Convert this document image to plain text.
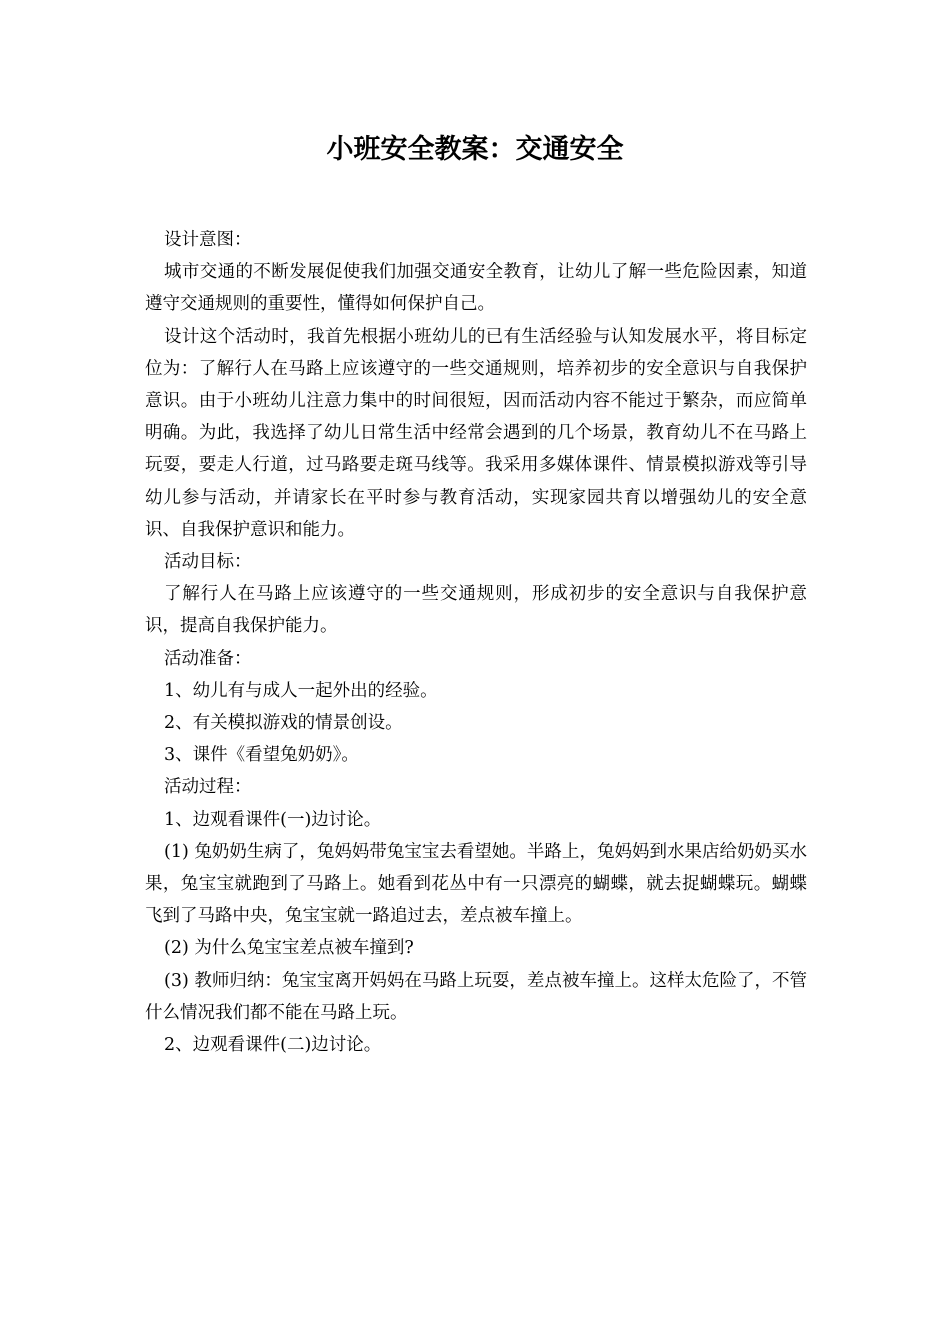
小班安全教案：交通安全

设计意图：

城市交通的不断发展促使我们加强交通安全教育，让幼儿了解一些危险因素，知道遵守交通规则的重要性，懂得如何保护自己。

设计这个活动时，我首先根据小班幼儿的已有生活经验与认知发展水平，将目标定位为：了解行人在马路上应该遵守的一些交通规则，培养初步的安全意识与自我保护意识。由于小班幼儿注意力集中的时间很短，因而活动内容不能过于繁杂，而应简单明确。为此，我选择了幼儿日常生活中经常会遇到的几个场景，教育幼儿不在马路上玩耍，要走人行道，过马路要走斑马线等。我采用多媒体课件、情景模拟游戏等引导幼儿参与活动，并请家长在平时参与教育活动，实现家园共育以增强幼儿的安全意识、自我保护意识和能力。

活动目标：

了解行人在马路上应该遵守的一些交通规则，形成初步的安全意识与自我保护意识，提高自我保护能力。

活动准备：

1、幼儿有与成人一起外出的经验。

2、有关模拟游戏的情景创设。

3、课件《看望兔奶奶》。

活动过程：

1、边观看课件(一)边讨论。

(1) 兔奶奶生病了，兔妈妈带兔宝宝去看望她。半路上，兔妈妈到水果店给奶奶买水果，兔宝宝就跑到了马路上。她看到花丛中有一只漂亮的蝴蝶，就去捉蝴蝶玩。蝴蝶飞到了马路中央，兔宝宝就一路追过去，差点被车撞上。

(2) 为什么兔宝宝差点被车撞到?

(3) 教师归纳：兔宝宝离开妈妈在马路上玩耍，差点被车撞上。这样太危险了，不管什么情况我们都不能在马路上玩。

2、边观看课件(二)边讨论。
